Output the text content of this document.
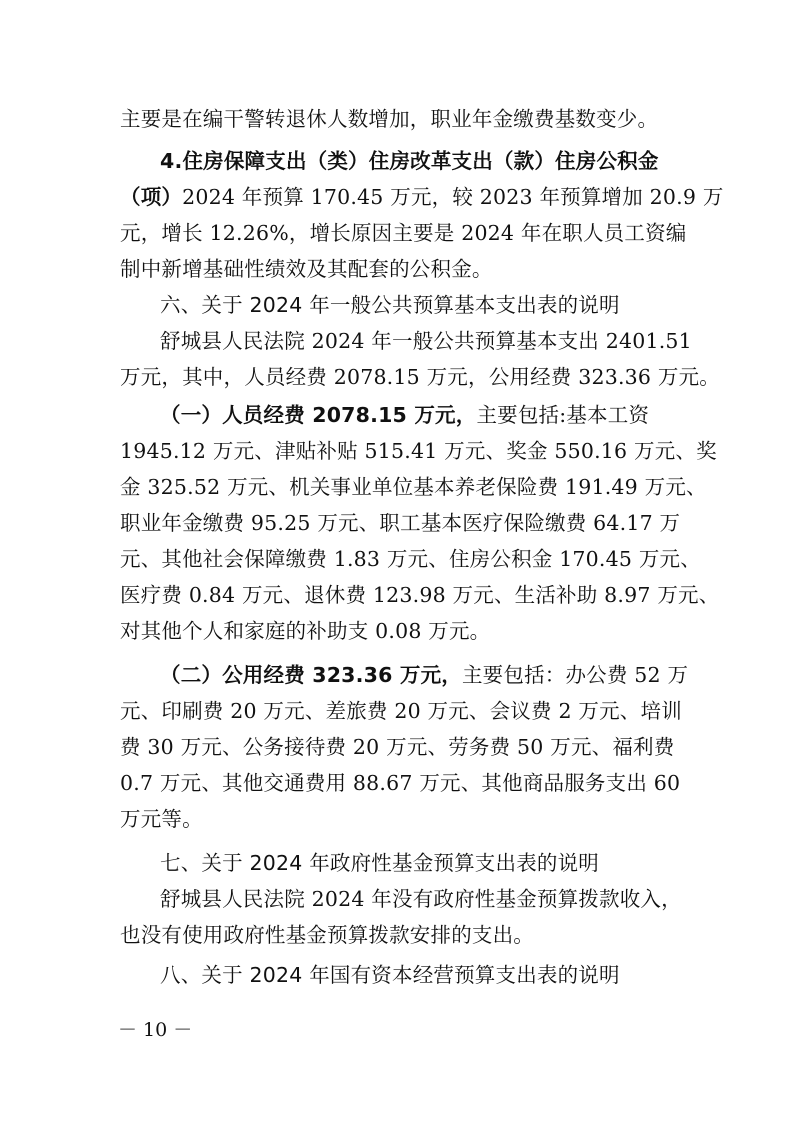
主要是在编干警转退休人数增加，职业年金缴费基数变少。
4.住房保障支出（类）住房改革支出（款）住房公积金
（项）2024 年预算 170.45 万元，较 2023 年预算增加 20.9 万
元，增长 12.26%，增长原因主要是 2024 年在职人员工资编
制中新增基础性绩效及其配套的公积金。
六、关于 2024 年一般公共预算基本支出表的说明
舒城县人民法院 2024 年一般公共预算基本支出 2401.51
万元，其中，人员经费 2078.15 万元，公用经费 323.36 万元。
（一）人员经费 2078.15 万元，主要包括:基本工资
1945.12 万元、津贴补贴 515.41 万元、奖金 550.16 万元、奖
金 325.52 万元、机关事业单位基本养老保险费 191.49 万元、
职业年金缴费 95.25 万元、职工基本医疗保险缴费 64.17 万
元、其他社会保障缴费 1.83 万元、住房公积金 170.45 万元、
医疗费 0.84 万元、退休费 123.98 万元、生活补助 8.97 万元、
对其他个人和家庭的补助支 0.08 万元。
（二）公用经费 323.36 万元，主要包括：办公费 52 万
元、印刷费 20 万元、差旅费 20 万元、会议费 2 万元、培训
费 30 万元、公务接待费 20 万元、劳务费 50 万元、福利费
0.7 万元、其他交通费用 88.67 万元、其他商品服务支出 60
万元等。
七、关于 2024 年政府性基金预算支出表的说明
舒城县人民法院 2024 年没有政府性基金预算拨款收入，
也没有使用政府性基金预算拨款安排的支出。
八、关于 2024 年国有资本经营预算支出表的说明
－ 10 －
